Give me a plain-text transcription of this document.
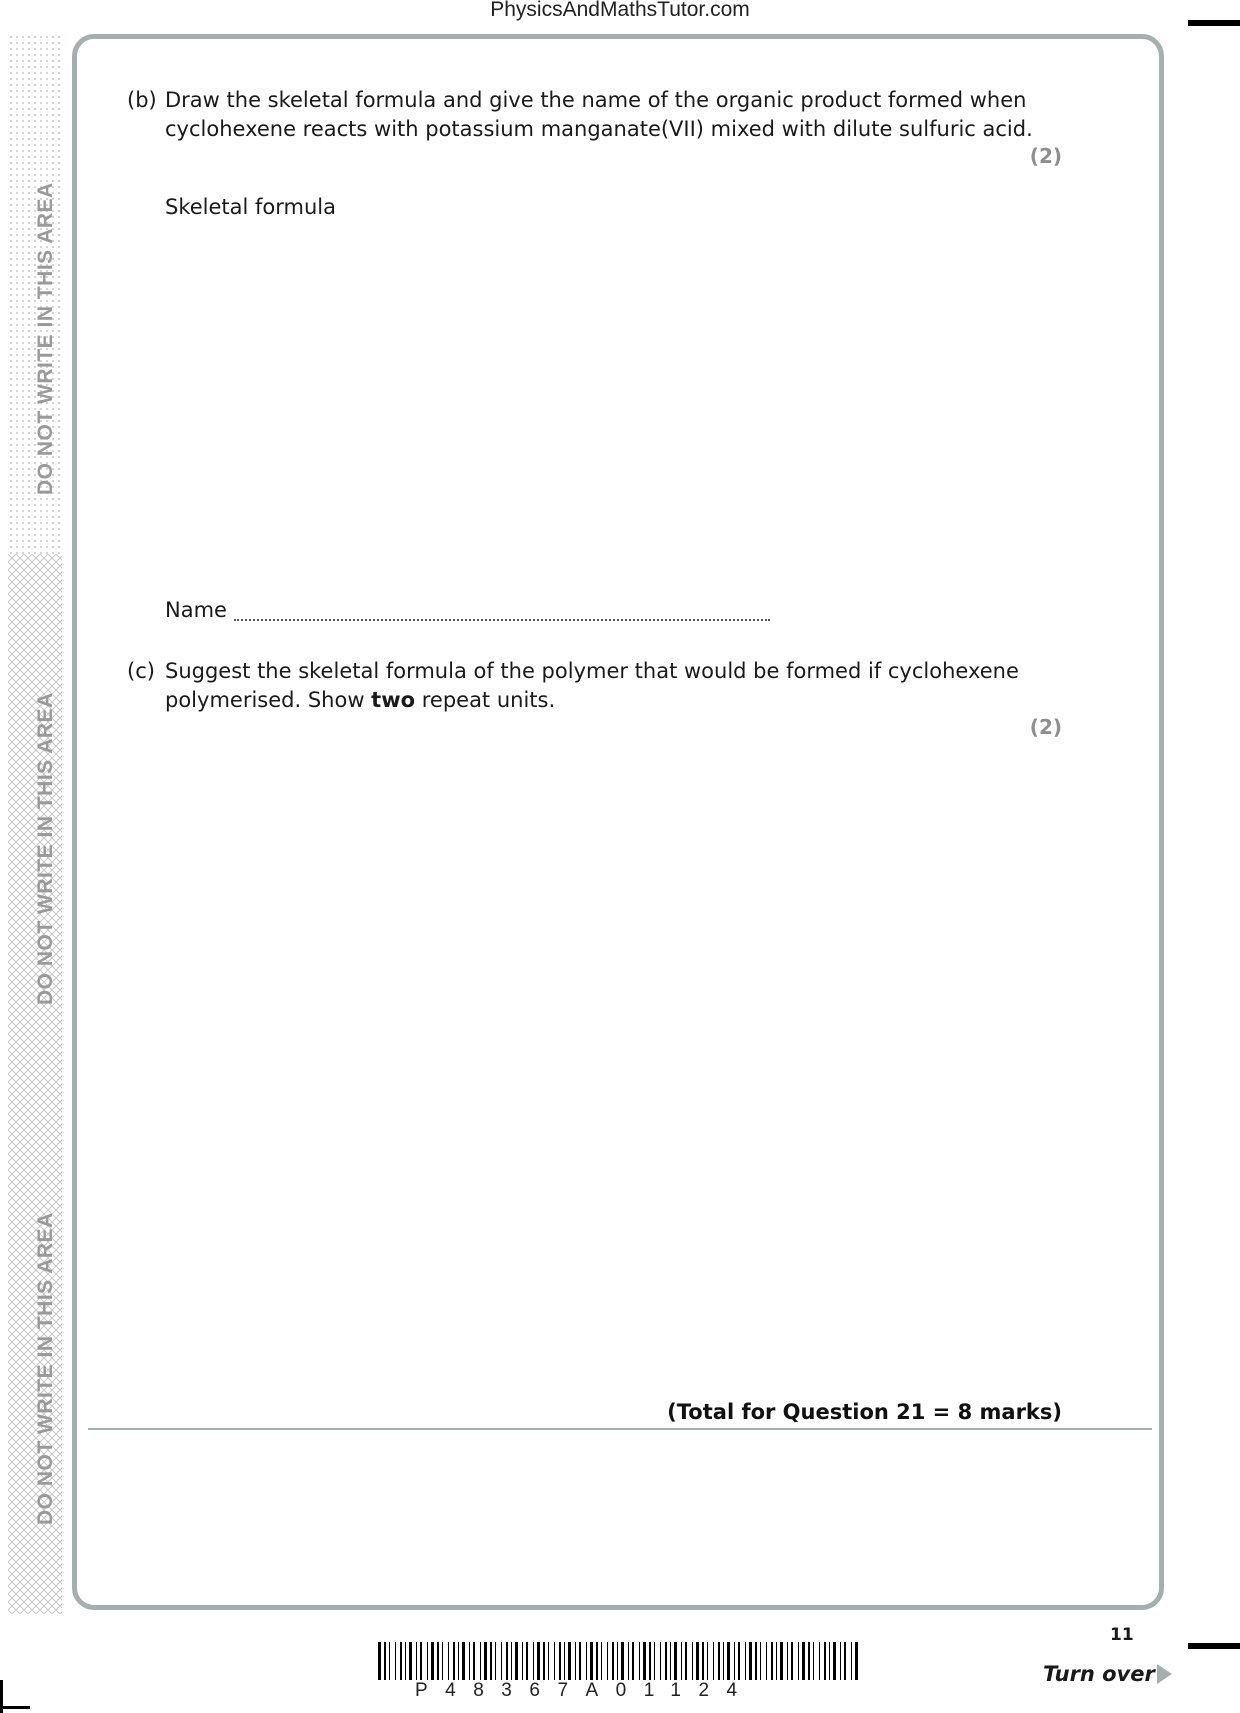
PhysicsAndMathsTutor.com
DO NOT WRITE IN THIS AREA
DO NOT WRITE IN THIS AREA
DO NOT WRITE IN THIS AREA
(b) Draw the skeletal formula and give the name of the organic product formed when cyclohexene reacts with potassium manganate(VII) mixed with dilute sulfuric acid.
(2)
Skeletal formula
Name
(c) Suggest the skeletal formula of the polymer that would be formed if cyclohexene polymerised. Show two repeat units.
(2)
(Total for Question 21 = 8 marks)
11
P48367A01124
Turn over
